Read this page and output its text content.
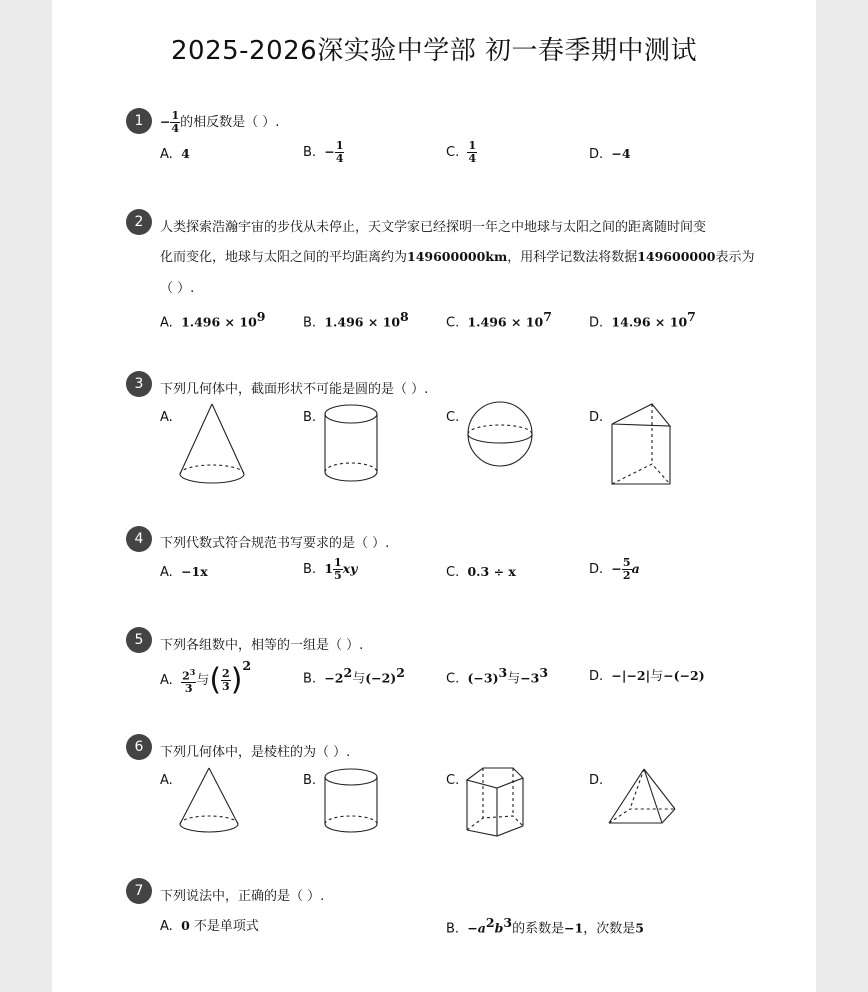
2025-2026深实验中学部 初一春季期中测试
1	− $\frac{1}{4}$ 的相反数是（ ）.
A. 4	B. − $\frac{1}{4}$	C. $\frac{1}{4}$	D. −4
2	人类探索浩瀚宇宙的步伐从未停止，天文学家已经探明一年之中地球与太阳之间的距离随时间变
化而变化，地球与太阳之间的平均距离约为149600000km，用科学记数法将数据149600000表示为
（ ）.
A. $1.496 \times 10^9$	B. $1.496 \times 10^8$	C. $1.496 \times 10^7$	D. $14.96 \times 10^7$
3	下列几何体中，截面形状不可能是圆的是（ ）.
A.	B.	C.	D.
4	下列代数式符合规范书写要求的是（ ）.
A. −1x	B. $1 \frac{1}{5}$ xy	C. 0.3 ÷ x	D. − $\frac{5}{2}$ a
5	下列各组数中，相等的一组是（ ）.
A. $\frac{2^3}{3}$ 与( $\frac{2}{3} )^2$
B. $-2^2$与$(-2)^2$	C. $(-3)^3$与$-3^3$	D. −|−2|与−(−2)
6	下列几何体中，是棱柱的为（ ）.
A.	B.	C.	D.
7	下列说法中，正确的是（ ）.
A. 0 不是单项式	B. $-a^2b^3$的系数是−1，次数是5
